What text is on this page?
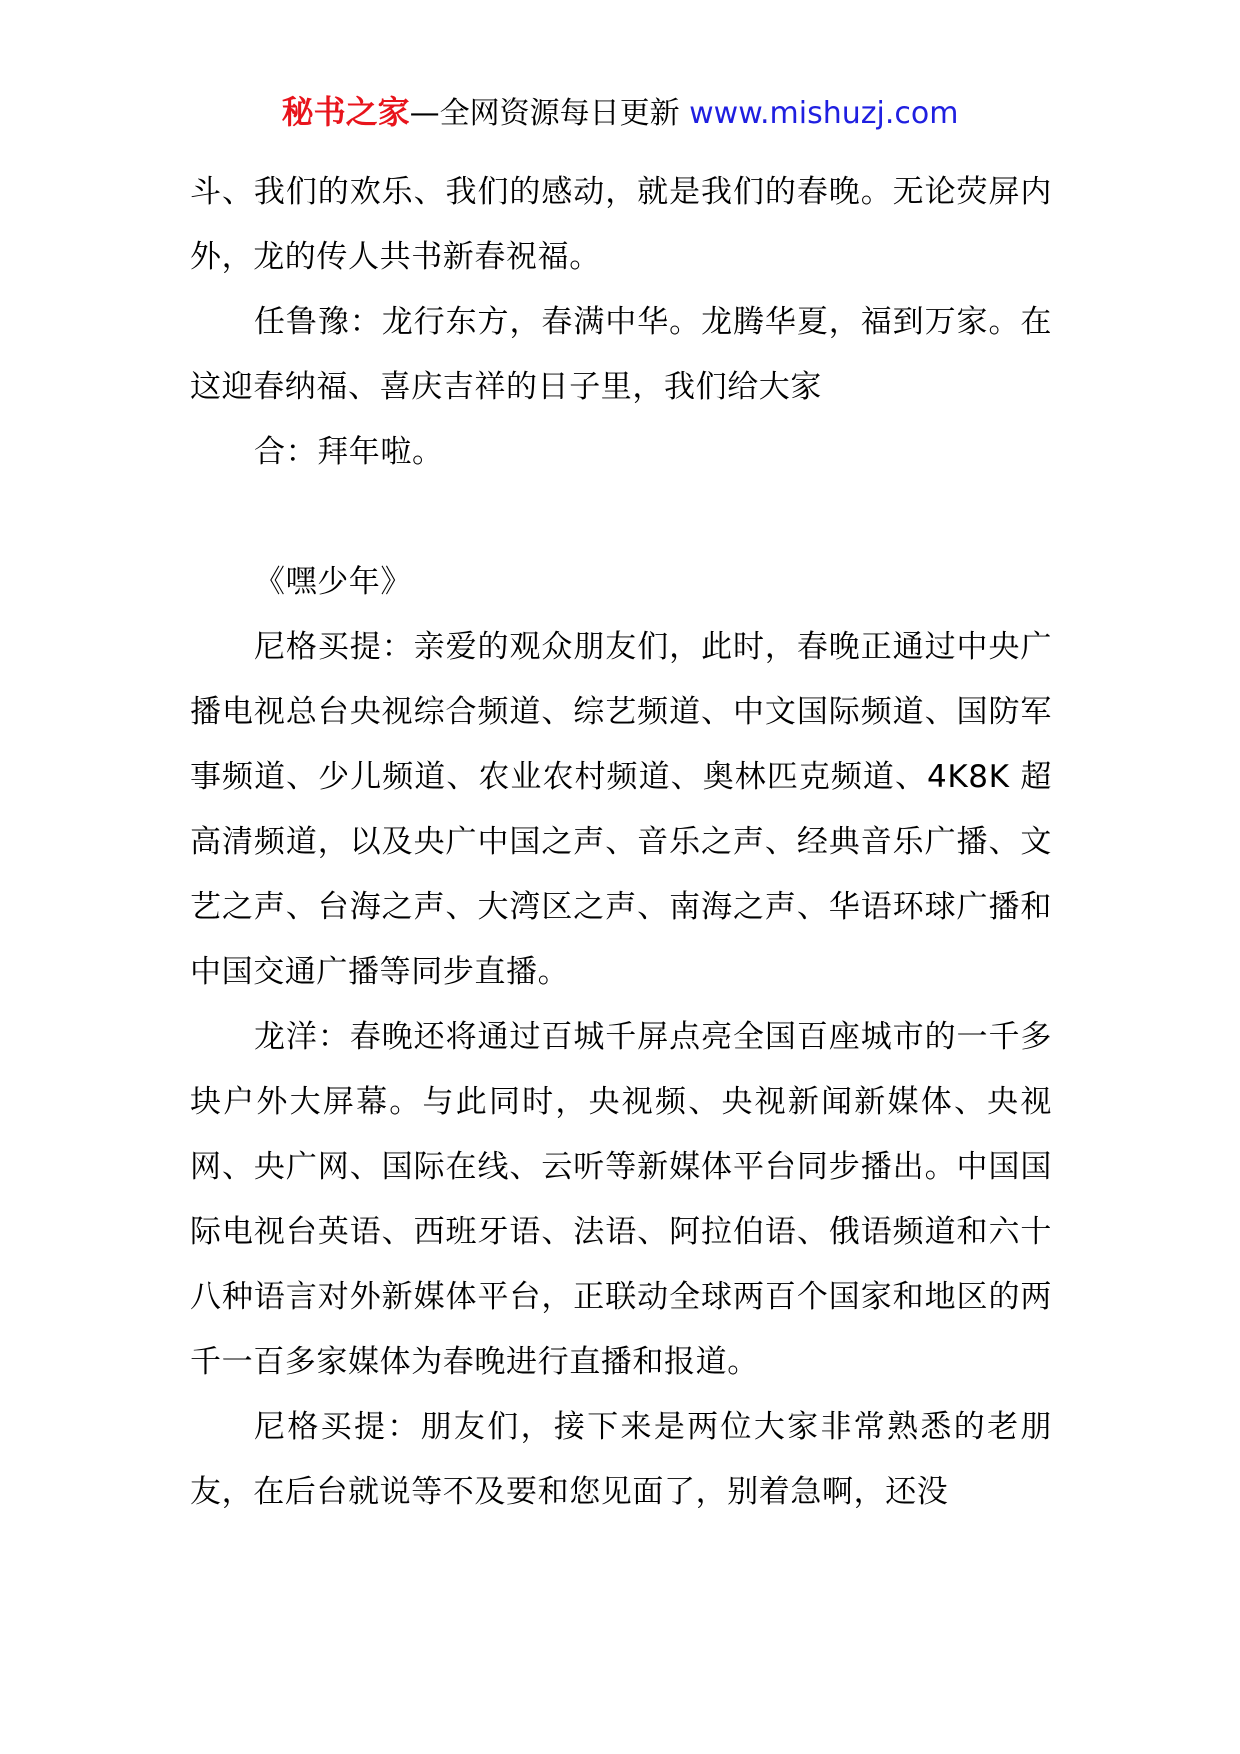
秘书之家—全网资源每日更新 www.mishuzj.com

斗、我们的欢乐、我们的感动，就是我们的春晚。无论荧屏内外，龙的传人共书新春祝福。

任鲁豫：龙行东方，春满中华。龙腾华夏，福到万家。在这迎春纳福、喜庆吉祥的日子里，我们给大家

合：拜年啦。

《嘿少年》

尼格买提：亲爱的观众朋友们，此时，春晚正通过中央广播电视总台央视综合频道、综艺频道、中文国际频道、国防军事频道、少儿频道、农业农村频道、奥林匹克频道、4K8K 超高清频道，以及央广中国之声、音乐之声、经典音乐广播、文艺之声、台海之声、大湾区之声、南海之声、华语环球广播和中国交通广播等同步直播。

龙洋：春晚还将通过百城千屏点亮全国百座城市的一千多块户外大屏幕。与此同时，央视频、央视新闻新媒体、央视网、央广网、国际在线、云听等新媒体平台同步播出。中国国际电视台英语、西班牙语、法语、阿拉伯语、俄语频道和六十八种语言对外新媒体平台，正联动全球两百个国家和地区的两千一百多家媒体为春晚进行直播和报道。

尼格买提：朋友们，接下来是两位大家非常熟悉的老朋友，在后台就说等不及要和您见面了，别着急啊，还没
